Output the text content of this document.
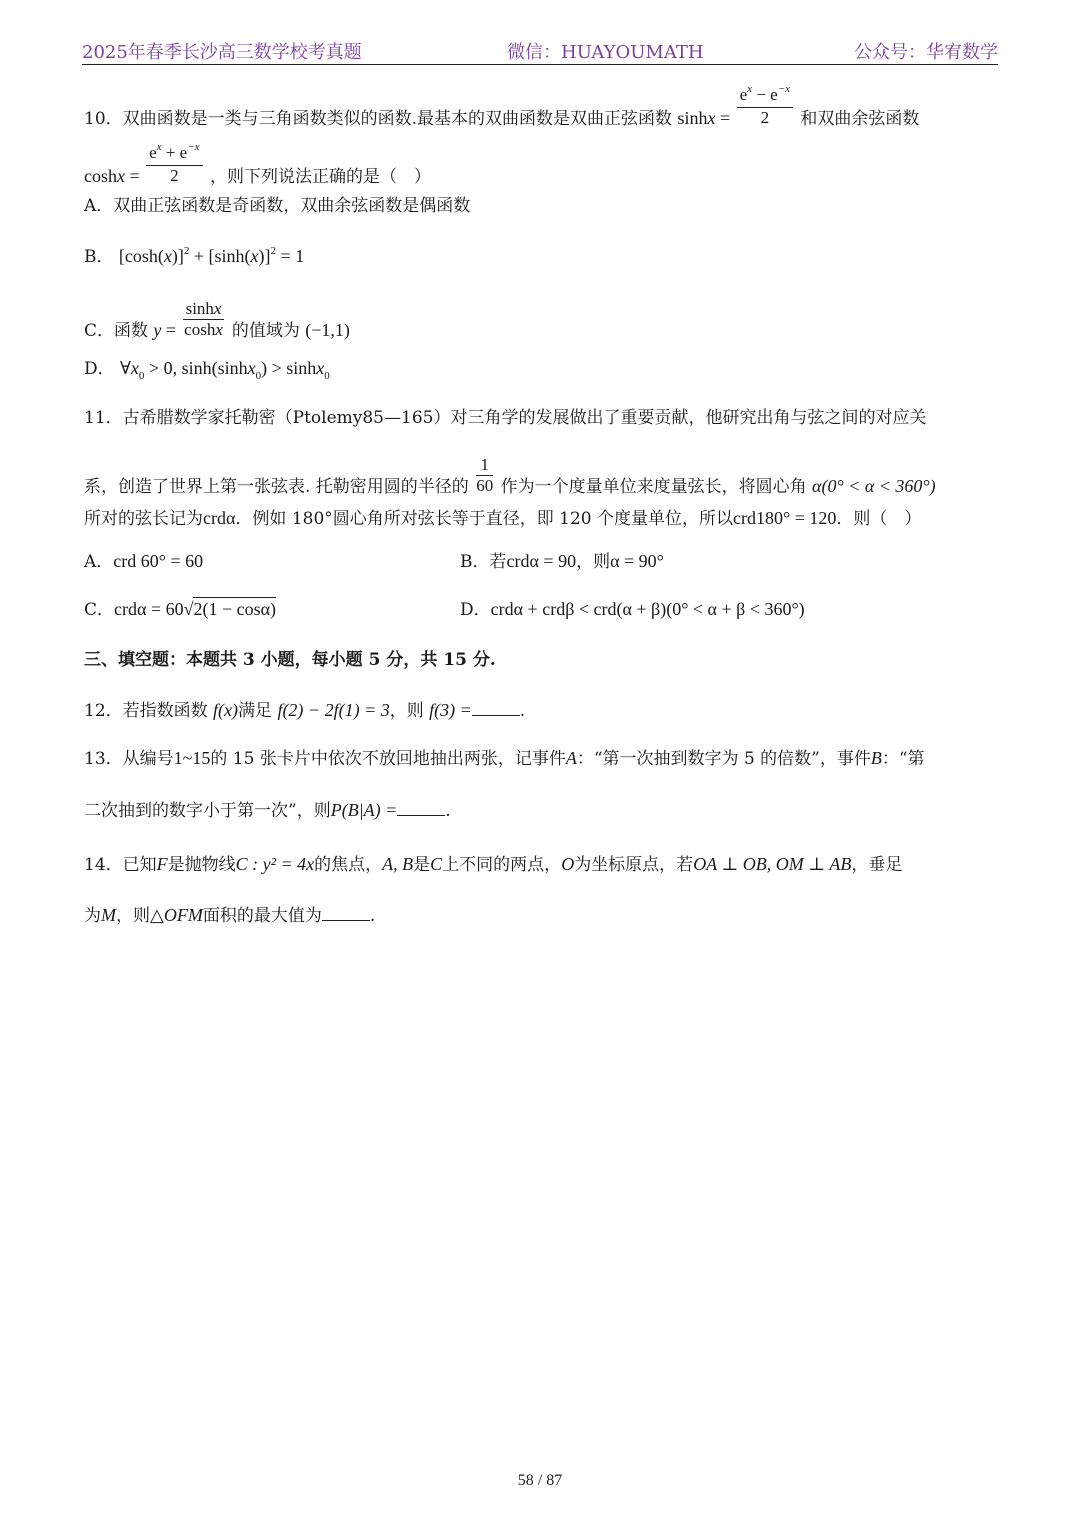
2025年春季长沙高三数学校考真题	微信：HUAYOUMATH	公众号：华宥数学
10．双曲函数是一类与三角函数类似的函数.最基本的双曲函数是双曲正弦函数 $\sinh x = \frac{e^x - e^{-x}}{2}$ 和双曲余弦函数
$\cosh x = \frac{e^x + e^{-x}}{2}$ ，则下列说法正确的是（　）
A．双曲正弦函数是奇函数，双曲余弦函数是偶函数
B． $[\cosh(x)]^2 + [\sinh(x)]^2 = 1$
C．函数 $y = \frac{\sinh x}{\cosh x}$ 的值域为 (−1,1)
D． $\forall x_0 > 0$, sinh(sinhx$_0$) > sinhx$_0$
11．古希腊数学家托勒密（Ptolemy85—165）对三角学的发展做出了重要贡献，他研究出角与弦之间的对应关
系，创造了世界上第一张弦表. 托勒密用圆的半径的 $\frac{1}{60}$ 作为一个度量单位来度量弦长，将圆心角 α(0° < α < 360°)
所对的弦长记为crdα．例如 180°圆心角所对弦长等于直径，即 120 个度量单位，所以crd180° = 120．则（　）
A．crd 60° = 60	B．若crdα = 90，则α = 90°
C．crdα = 60√2(1 − cosα)	D．crdα + crdβ < crd(α + β)(0° < α + β < 360°)
三、填空题：本题共 3 小题，每小题 5 分，共 15 分.
12．若指数函数 f(x)满足 f(2) − 2f(1) = 3，则 f(3) =	.
13．从编号1~15的 15 张卡片中依次不放回地抽出两张，记事件A：“第一次抽到数字为 5 的倍数”，事件B：“第
二次抽到的数字小于第一次”，则P(B|A) =	.
14．已知F是抛物线C : y² = 4x的焦点，A, B是C上不同的两点，O为坐标原点，若OA ⊥ OB, OM ⊥ AB，垂足
为M，则△OFM面积的最大值为	.
58 / 87
